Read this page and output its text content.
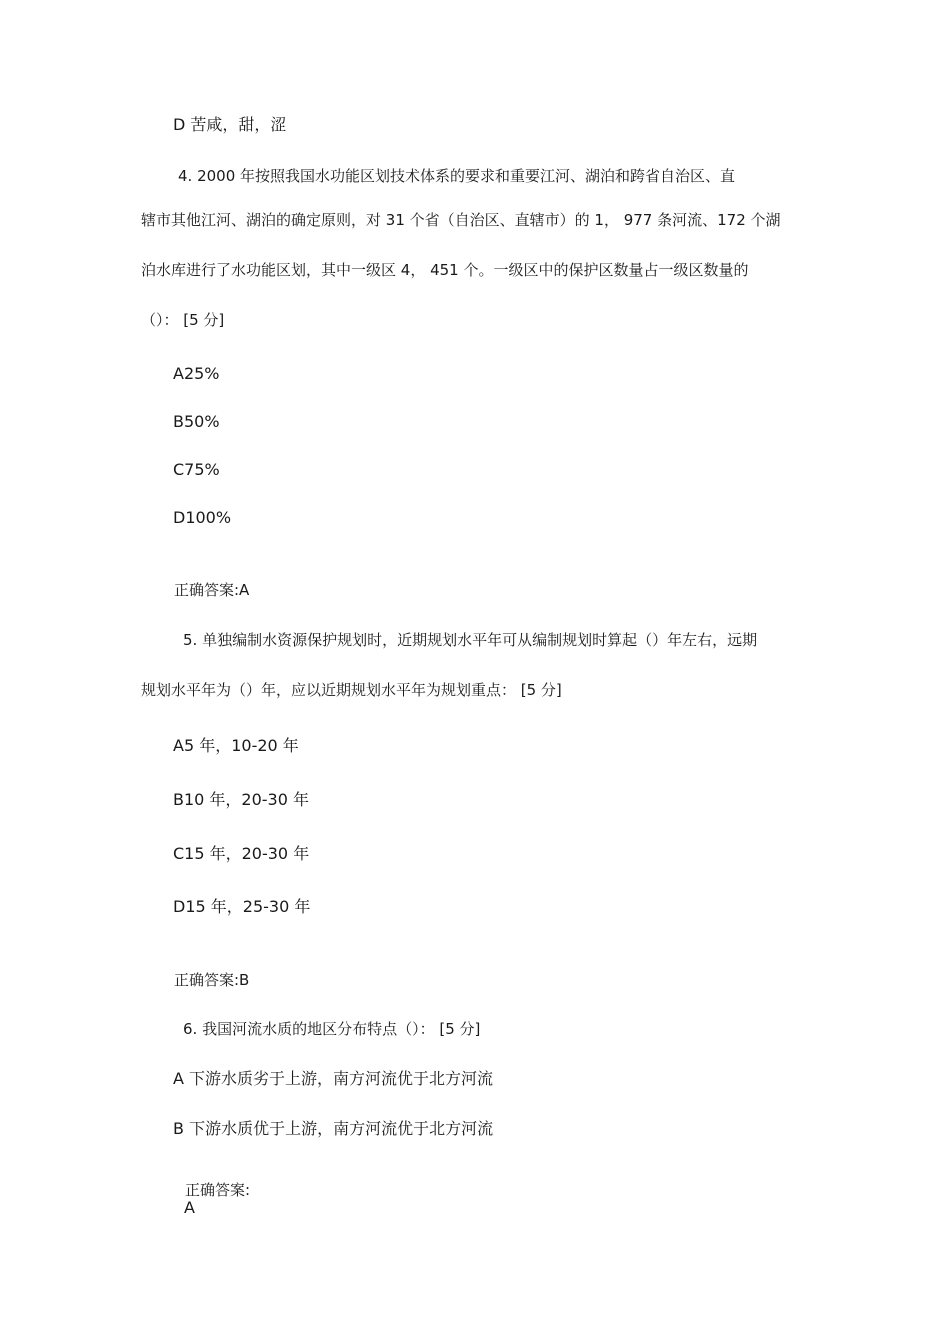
D 苦咸，甜，涩
4. 2000 年按照我国水功能区划技术体系的要求和重要江河、湖泊和跨省自治区、直
辖市其他江河、湖泊的确定原则，对 31 个省（自治区、直辖市）的 1， 977 条河流、172 个湖
泊水库进行了水功能区划，其中一级区 4， 451 个。一级区中的保护区数量占一级区数量的
（）： [5 分]
A25%
B50%
C75%
D100%
正确答案:A
5. 单独编制水资源保护规划时，近期规划水平年可从编制规划时算起（）年左右，远期
规划水平年为（）年，应以近期规划水平年为规划重点： [5 分]
A5 年，10-20 年
B10 年，20-30 年
C15 年，20-30 年
D15 年，25-30 年
正确答案:B
6. 我国河流水质的地区分布特点（）： [5 分]
A 下游水质劣于上游，南方河流优于北方河流
B 下游水质优于上游，南方河流优于北方河流
正确答案:
A
